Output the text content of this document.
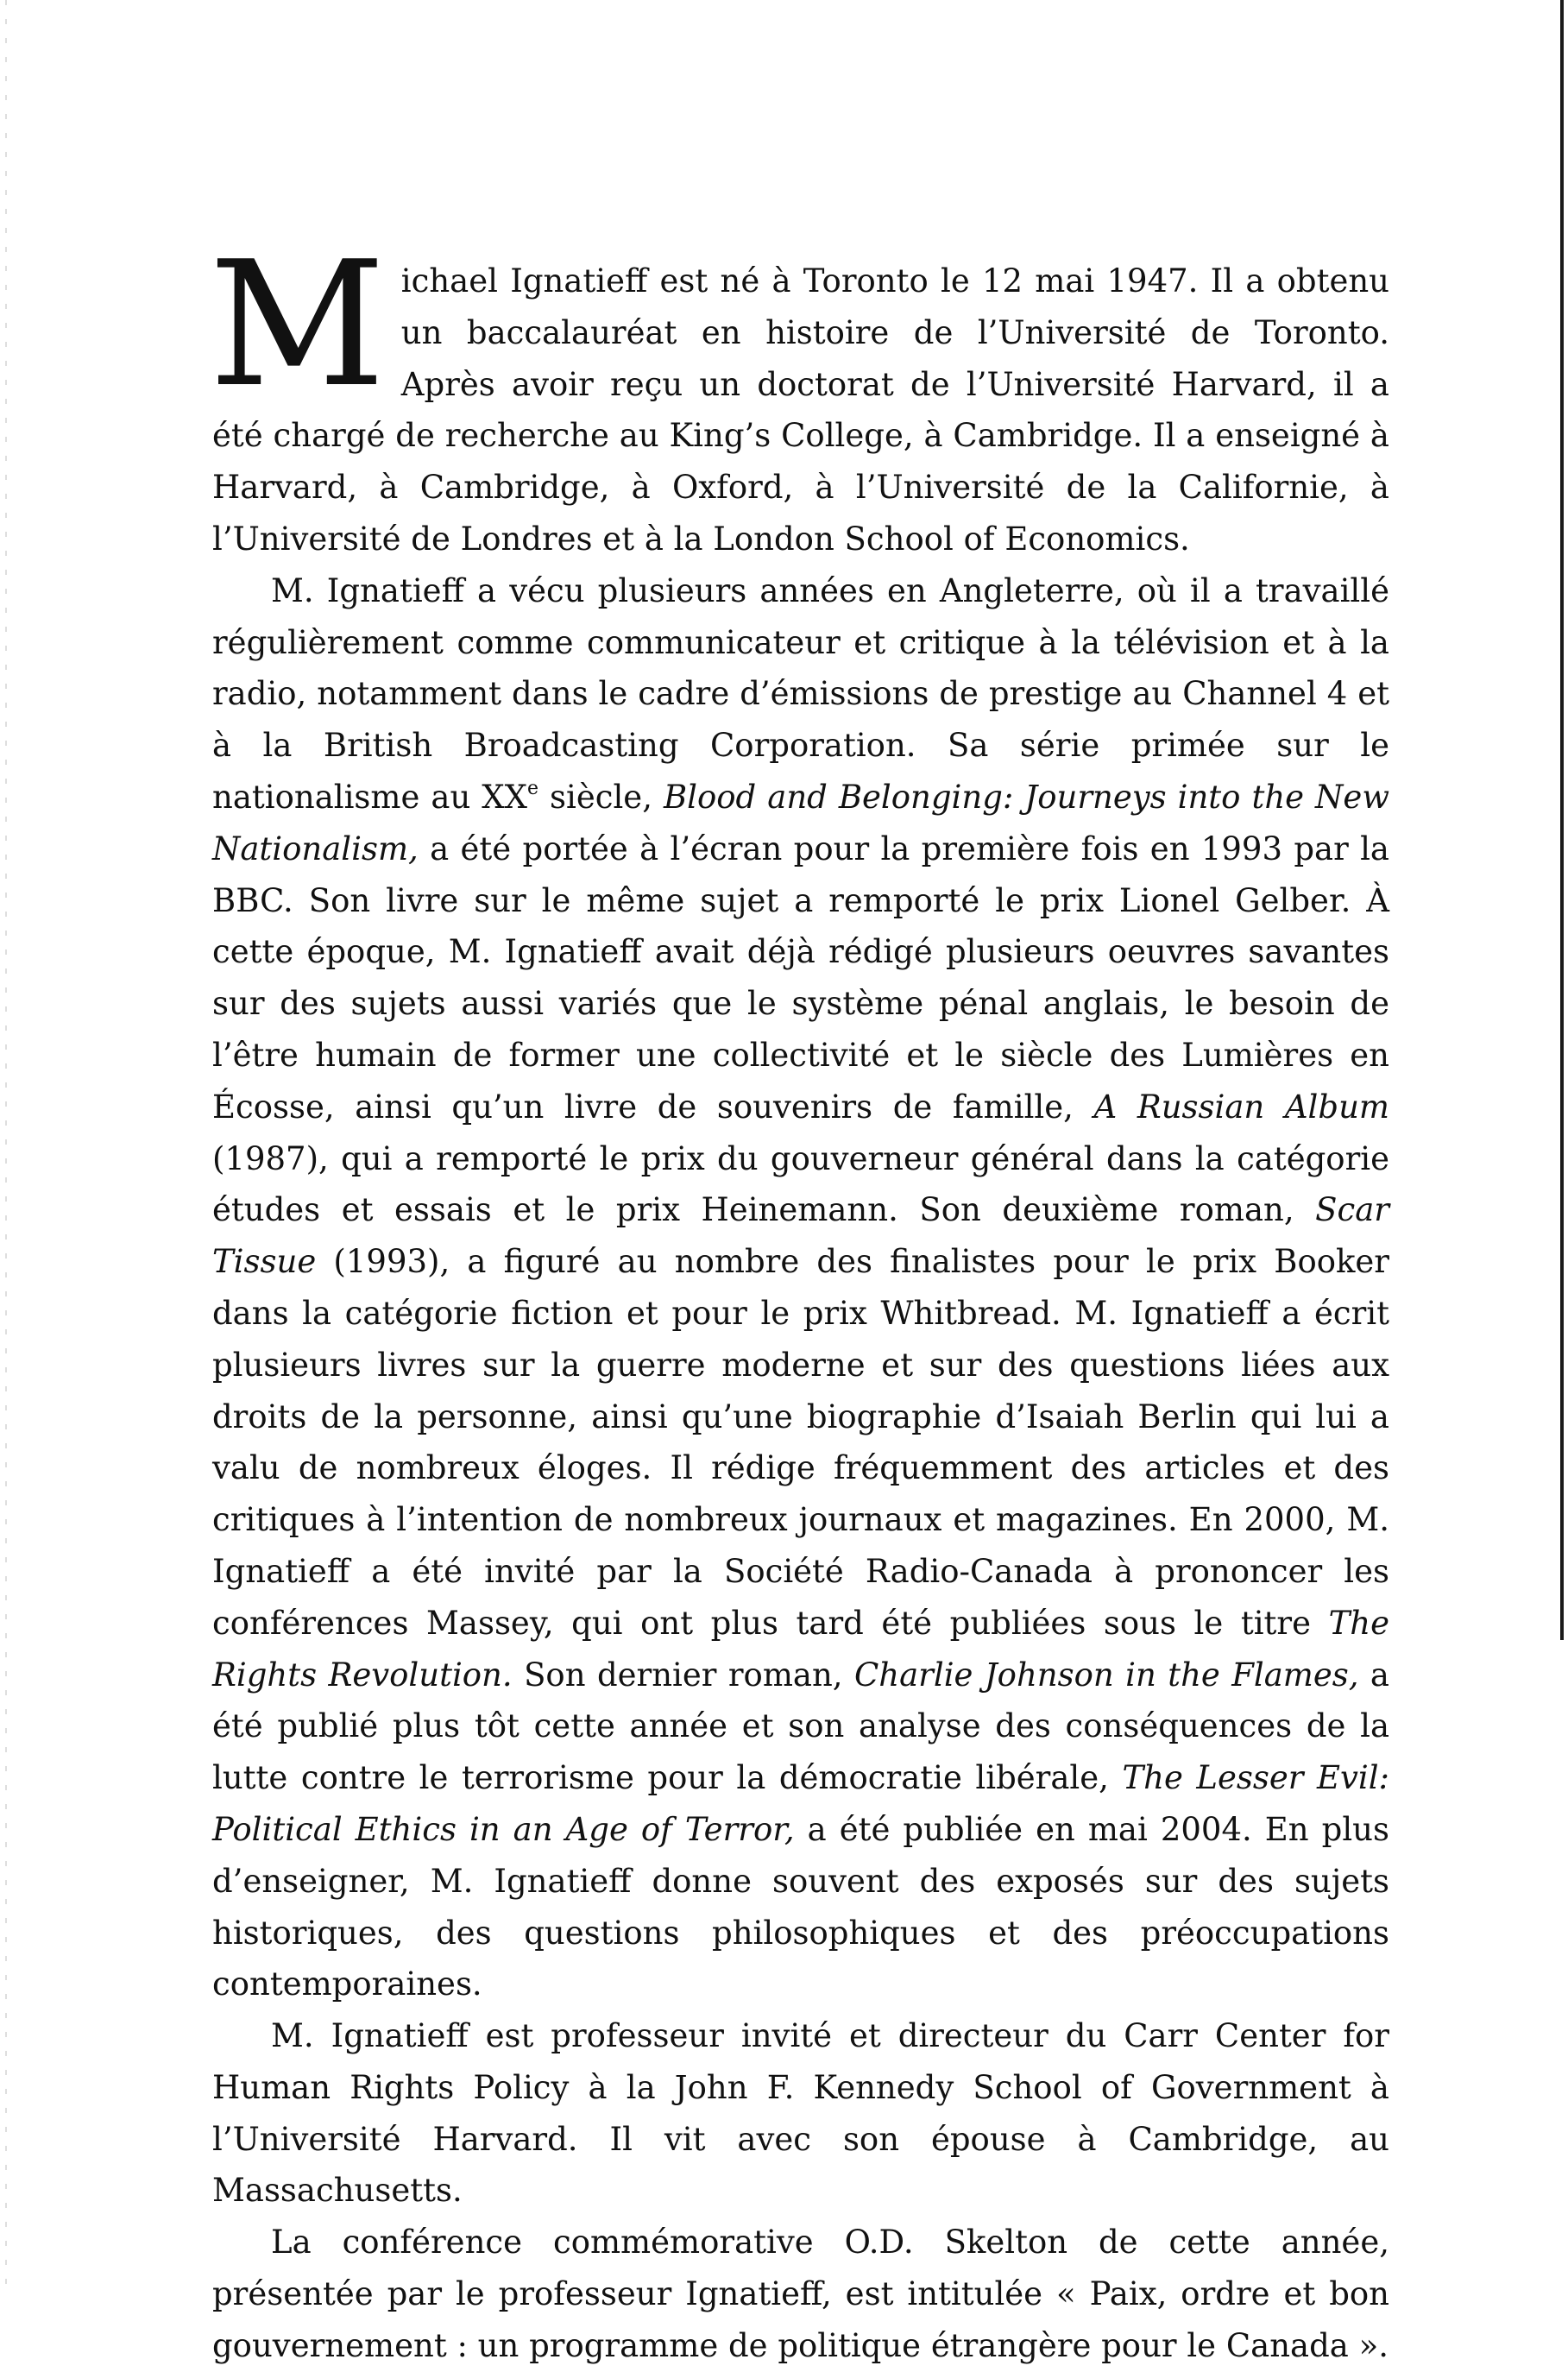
Michael Ignatieff est né à Toronto le 12 mai 1947. Il a obtenu un baccalauréat en histoire de l’Université de Toronto. Après avoir reçu un doctorat de l’Université Harvard, il a été chargé de recherche au King’s College, à Cambridge. Il a enseigné à Harvard, à Cambridge, à Oxford, à l’Université de la Californie, à l’Université de Londres et à la London School of Economics.

M. Ignatieff a vécu plusieurs années en Angleterre, où il a travaillé régulièrement comme communicateur et critique à la télévision et à la radio, notamment dans le cadre d’émissions de prestige au Channel 4 et à la British Broadcasting Corporation. Sa série primée sur le nationalisme au XXe siècle, Blood and Belonging: Journeys into the New Nationalism, a été portée à l’écran pour la première fois en 1993 par la BBC. Son livre sur le même sujet a remporté le prix Lionel Gelber. À cette époque, M. Ignatieff avait déjà rédigé plusieurs oeuvres savantes sur des sujets aussi variés que le système pénal anglais, le besoin de l’être humain de former une collectivité et le siècle des Lumières en Écosse, ainsi qu’un livre de souvenirs de famille, A Russian Album (1987), qui a remporté le prix du gouverneur général dans la catégorie études et essais et le prix Heinemann. Son deuxième roman, Scar Tissue (1993), a figuré au nombre des finalistes pour le prix Booker dans la catégorie fiction et pour le prix Whitbread. M. Ignatieff a écrit plusieurs livres sur la guerre moderne et sur des questions liées aux droits de la personne, ainsi qu’une biographie d’Isaiah Berlin qui lui a valu de nombreux éloges. Il rédige fréquemment des articles et des critiques à l’intention de nombreux journaux et magazines. En 2000, M. Ignatieff a été invité par la Société Radio-Canada à prononcer les conférences Massey, qui ont plus tard été publiées sous le titre The Rights Revolution. Son dernier roman, Charlie Johnson in the Flames, a été publié plus tôt cette année et son analyse des conséquences de la lutte contre le terrorisme pour la démocratie libérale, The Lesser Evil: Political Ethics in an Age of Terror, a été publiée en mai 2004. En plus d’enseigner, M. Ignatieff donne souvent des exposés sur des sujets historiques, des questions philosophiques et des préoccupations contemporaines.

M. Ignatieff est professeur invité et directeur du Carr Center for Human Rights Policy à la John F. Kennedy School of Government à l’Université Harvard. Il vit avec son épouse à Cambridge, au Massachusetts.

La conférence commémorative O.D. Skelton de cette année, présentée par le professeur Ignatieff, est intitulée « Paix, ordre et bon gouvernement : un programme de politique étrangère pour le Canada ».
